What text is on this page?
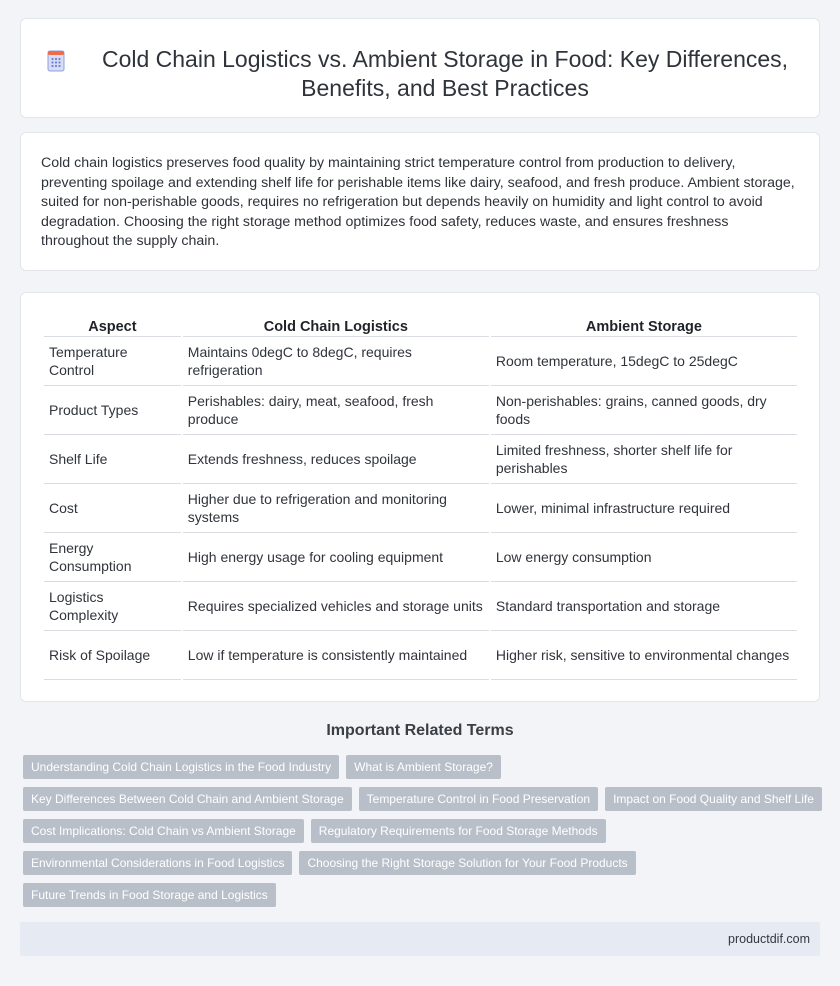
Cold Chain Logistics vs. Ambient Storage in Food: Key Differences, Benefits, and Best Practices

Cold chain logistics preserves food quality by maintaining strict temperature control from production to delivery, preventing spoilage and extending shelf life for perishable items like dairy, seafood, and fresh produce. Ambient storage, suited for non-perishable goods, requires no refrigeration but depends heavily on humidity and light control to avoid degradation. Choosing the right storage method optimizes food safety, reduces waste, and ensures freshness throughout the supply chain.

Aspect	Cold Chain Logistics	Ambient Storage
Temperature Control	Maintains 0degC to 8degC, requires refrigeration	Room temperature, 15degC to 25degC
Product Types	Perishables: dairy, meat, seafood, fresh produce	Non-perishables: grains, canned goods, dry foods
Shelf Life	Extends freshness, reduces spoilage	Limited freshness, shorter shelf life for perishables
Cost	Higher due to refrigeration and monitoring systems	Lower, minimal infrastructure required
Energy Consumption	High energy usage for cooling equipment	Low energy consumption
Logistics Complexity	Requires specialized vehicles and storage units	Standard transportation and storage
Risk of Spoilage	Low if temperature is consistently maintained	Higher risk, sensitive to environmental changes
Important Related Terms
Understanding Cold Chain Logistics in the Food Industry	What is Ambient Storage?
Key Differences Between Cold Chain and Ambient Storage	Temperature Control in Food Preservation	Impact on Food Quality and Shelf Life
Cost Implications: Cold Chain vs Ambient Storage	Regulatory Requirements for Food Storage Methods
Environmental Considerations in Food Logistics	Choosing the Right Storage Solution for Your Food Products
Future Trends in Food Storage and Logistics
productdif.com
